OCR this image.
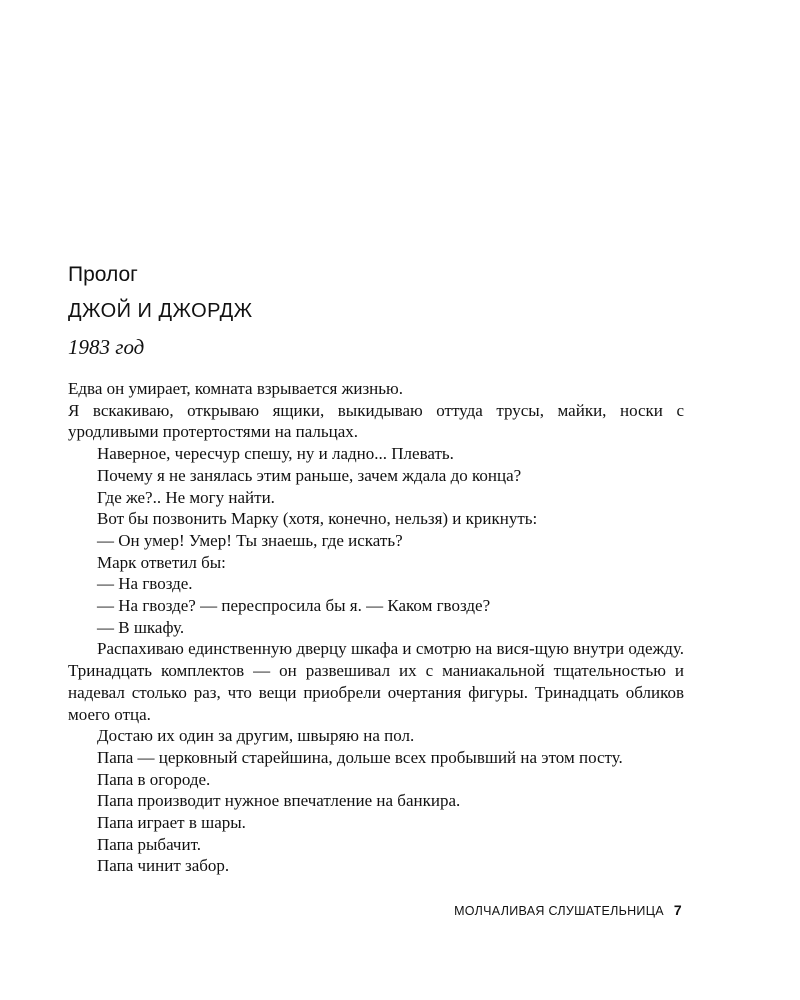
Пролог
ДЖОЙ И ДЖОРДЖ
1983 год

Едва он умирает, комната взрывается жизнью.

Я вскакиваю, открываю ящики, выкидываю оттуда трусы, майки, носки с уродливыми протертостями на пальцах.

Наверное, чересчур спешу, ну и ладно... Плевать.

Почему я не занялась этим раньше, зачем ждала до конца?

Где же?.. Не могу найти.

Вот бы позвонить Марку (хотя, конечно, нельзя) и крикнуть:

— Он умер! Умер! Ты знаешь, где искать?

Марк ответил бы:

— На гвозде.

— На гвозде? — переспросила бы я. — Каком гвозде?

— В шкафу.

Распахиваю единственную дверцу шкафа и смотрю на вися-щую внутри одежду. Тринадцать комплектов — он развешивал их с маниакальной тщательностью и надевал столько раз, что вещи приобрели очертания фигуры. Тринадцать обликов моего отца.

Достаю их один за другим, швыряю на пол.

Папа — церковный старейшина, дольше всех пробывший на этом посту.

Папа в огороде.

Папа производит нужное впечатление на банкира.

Папа играет в шары.

Папа рыбачит.

Папа чинит забор.

МОЛЧАЛИВАЯ СЛУШАТЕЛЬНИЦА 7
